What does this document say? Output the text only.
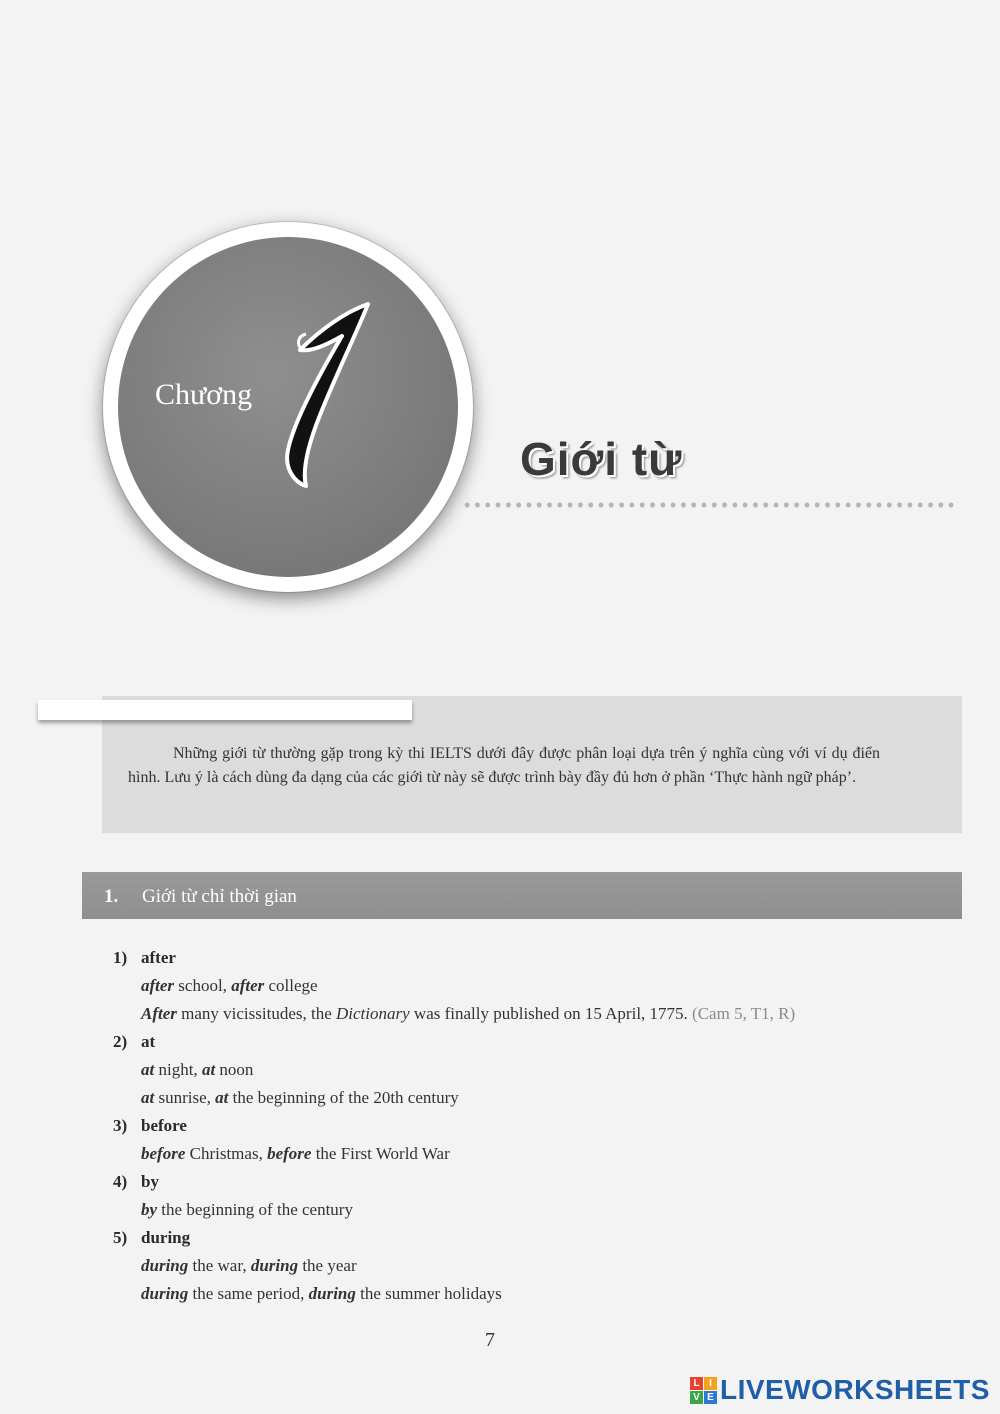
Chương
Giới từ
Những giới từ thường gặp trong kỳ thi IELTS dưới đây được phân loại dựa trên ý nghĩa cùng với ví dụ điển hình. Lưu ý là cách dùng đa dạng của các giới từ này sẽ được trình bày đầy đủ hơn ở phần ‘Thực hành ngữ pháp’.
1. Giới từ chỉ thời gian
1) after
after school, after college
After many vicissitudes, the Dictionary was finally published on 15 April, 1775. (Cam 5, T1, R)
2) at
at night, at noon
at sunrise, at the beginning of the 20th century
3) before
before Christmas, before the First World War
4) by
by the beginning of the century
5) during
during the war, during the year
during the same period, during the summer holidays
7
L I
V E LIVEWORKSHEETS
